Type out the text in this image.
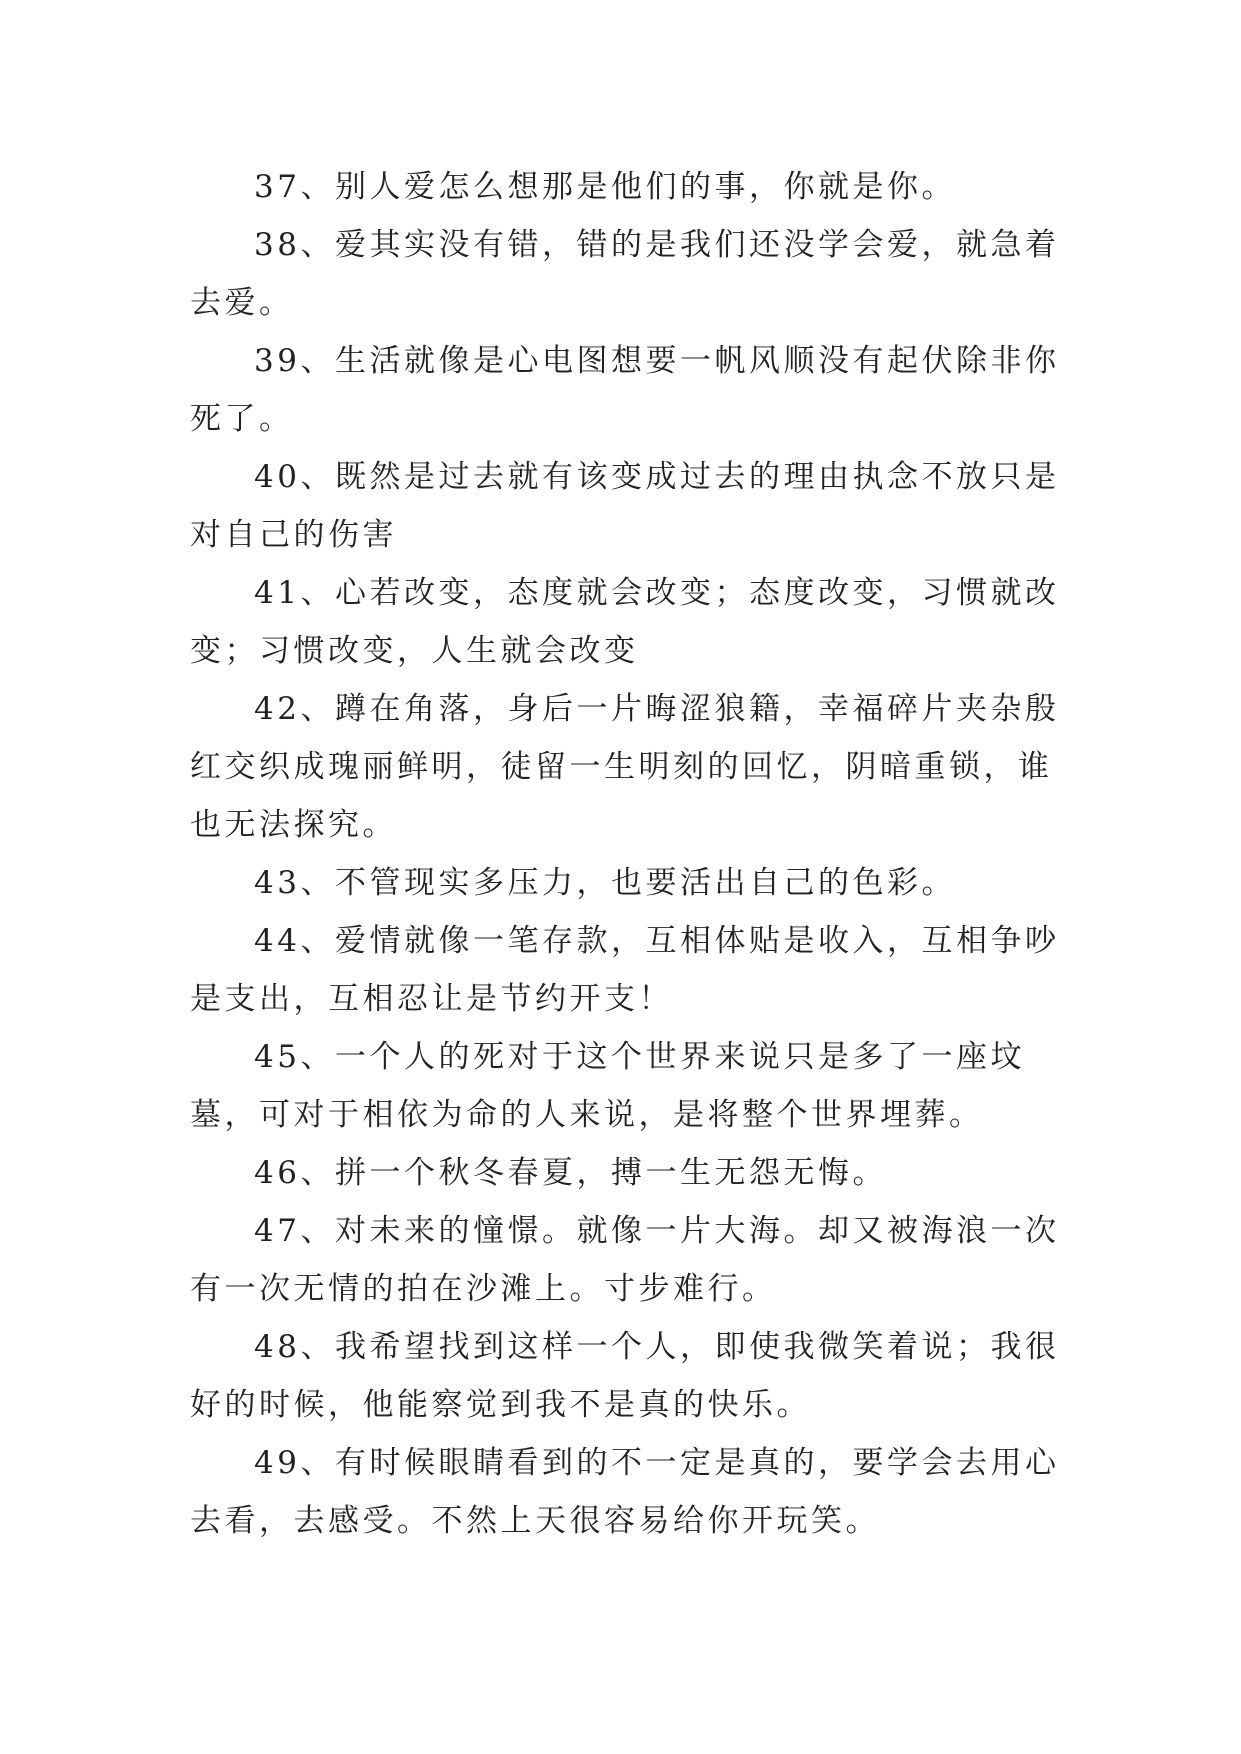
37、别人爱怎么想那是他们的事，你就是你。

38、爱其实没有错，错的是我们还没学会爱，就急着去爱。

39、生活就像是心电图想要一帆风顺没有起伏除非你死了。

40、既然是过去就有该变成过去的理由执念不放只是对自己的伤害

41、心若改变，态度就会改变；态度改变，习惯就改变；习惯改变，人生就会改变

42、蹲在角落，身后一片晦涩狼籍，幸福碎片夹杂殷红交织成瑰丽鲜明，徒留一生明刻的回忆，阴暗重锁，谁也无法探究。

43、不管现实多压力，也要活出自己的色彩。

44、爱情就像一笔存款，互相体贴是收入，互相争吵是支出，互相忍让是节约开支！

45、一个人的死对于这个世界来说只是多了一座坟墓，可对于相依为命的人来说，是将整个世界埋葬。

46、拼一个秋冬春夏，搏一生无怨无悔。

47、对未来的憧憬。就像一片大海。却又被海浪一次有一次无情的拍在沙滩上。寸步难行。

48、我希望找到这样一个人，即使我微笑着说；我很好的时候，他能察觉到我不是真的快乐。

49、有时候眼睛看到的不一定是真的，要学会去用心去看，去感受。不然上天很容易给你开玩笑。
